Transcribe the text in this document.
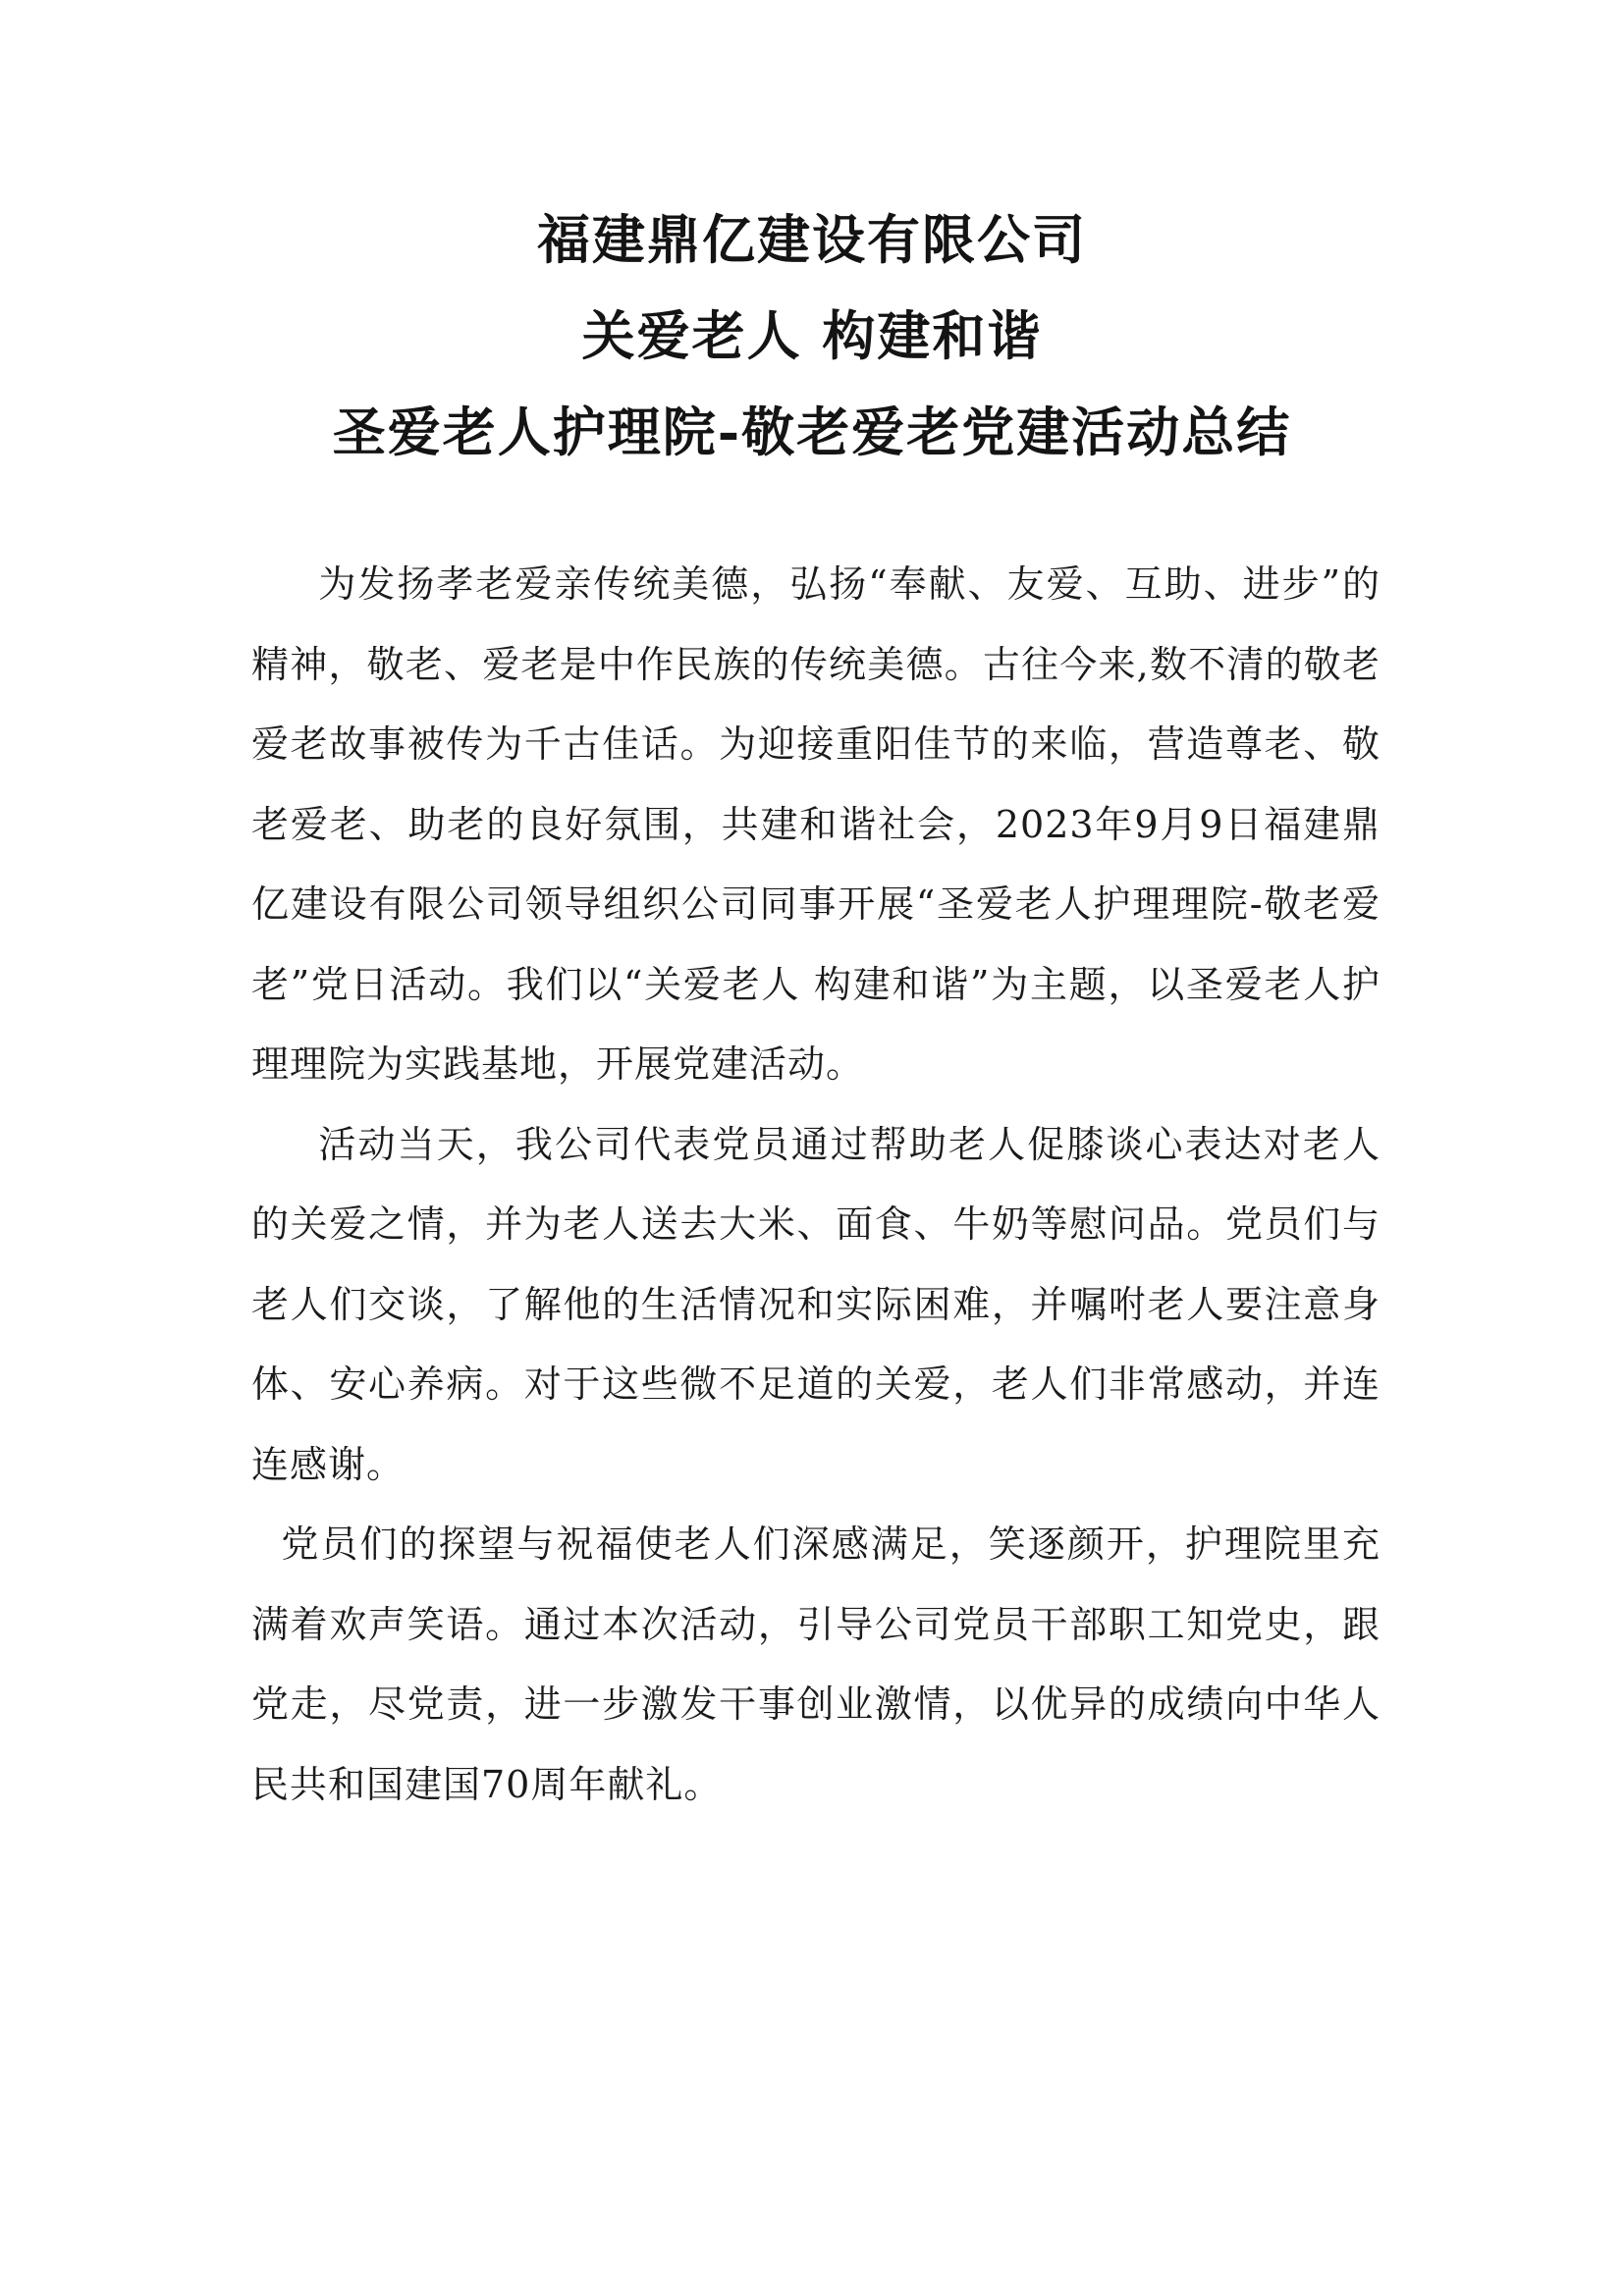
福建鼎亿建设有限公司
关爱老人 构建和谐
圣爱老人护理院-敬老爱老党建活动总结

为发扬孝老爱亲传统美德，弘扬“奉献、友爱、互助、进步”的精神，敬老、爱老是中作民族的传统美德。古往今来,数不清的敬老爱老故事被传为千古佳话。为迎接重阳佳节的来临，营造尊老、敬老爱老、助老的良好氛围，共建和谐社会，2023年9月9日福建鼎亿建设有限公司领导组织公司同事开展“圣爱老人护理理院-敬老爱老”党日活动。我们以“关爱老人 构建和谐”为主题，以圣爱老人护理理院为实践基地，开展党建活动。

活动当天，我公司代表党员通过帮助老人促膝谈心表达对老人的关爱之情，并为老人送去大米、面食、牛奶等慰问品。党员们与老人们交谈，了解他的生活情况和实际困难，并嘱咐老人要注意身体、安心养病。对于这些微不足道的关爱，老人们非常感动，并连连感谢。

党员们的探望与祝福使老人们深感满足，笑逐颜开，护理院里充满着欢声笑语。通过本次活动，引导公司党员干部职工知党史，跟党走，尽党责，进一步激发干事创业激情，以优异的成绩向中华人民共和国建国70周年献礼。
